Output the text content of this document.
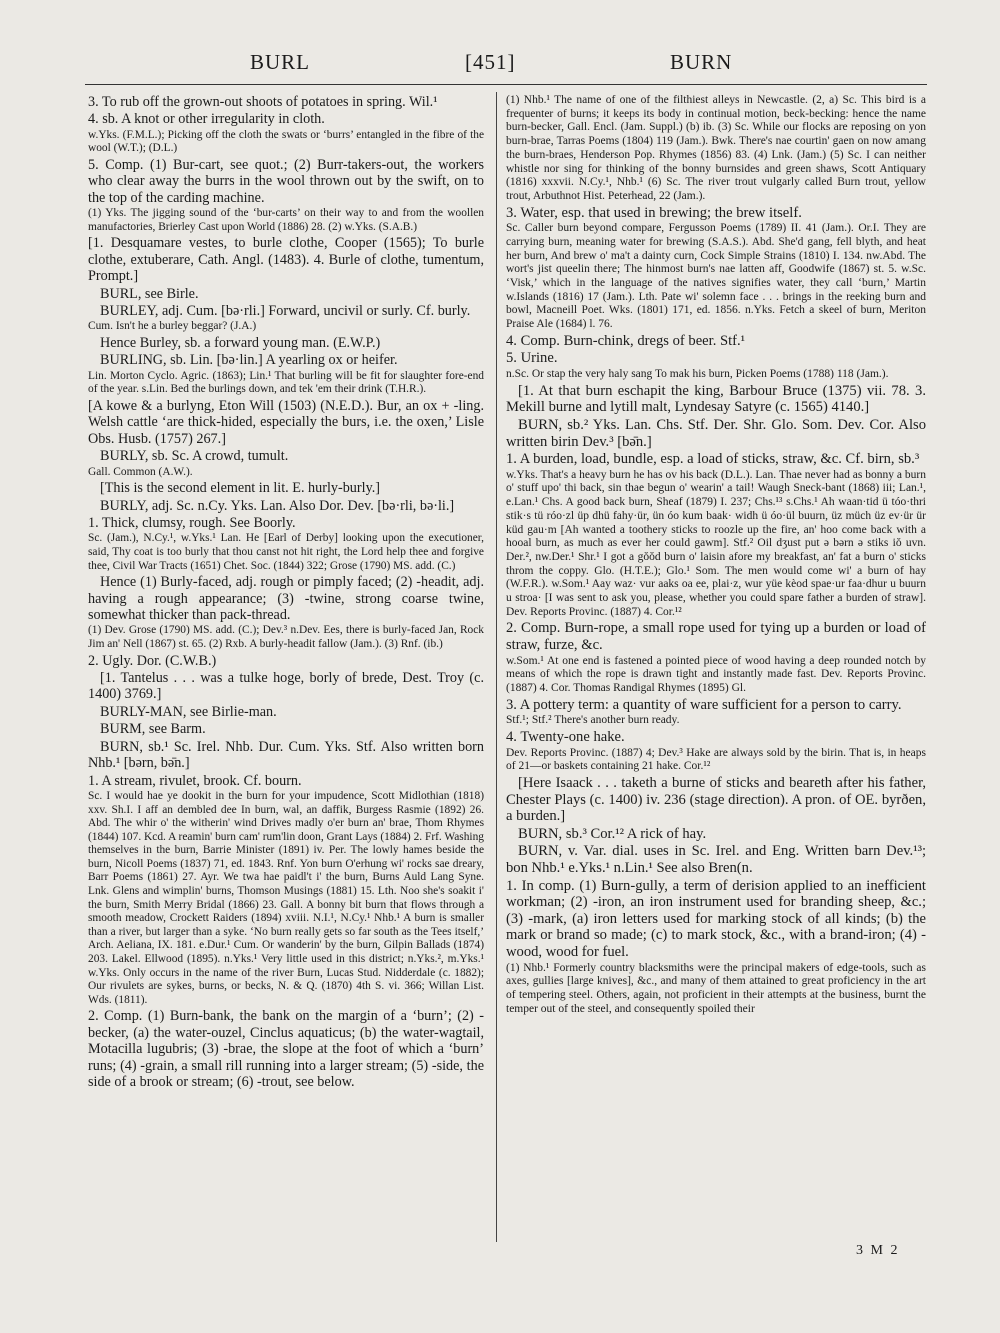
BURL	[451]	BURN

3. To rub off the grown-out shoots of potatoes in spring. Wil.¹

4. sb. A knot or other irregularity in cloth.

w.Yks. (F.M.L.); Picking off the cloth the swats or ‘burrs’ entangled in the fibre of the wool (W.T.); (D.L.)

5. Comp. (1) Bur-cart, see quot.; (2) Burr-takers-out, the workers who clear away the burrs in the wool thrown out by the swift, on to the top of the carding machine.

(1) Yks. The jigging sound of the ‘bur-carts’ on their way to and from the woollen manufactories, Brierley Cast upon World (1886) 28. (2) w.Yks. (S.A.B.)

[1. Desquamare vestes, to burle clothe, Cooper (1565); To burle clothe, extuberare, Cath. Angl. (1483). 4. Burle of clothe, tumentum, Prompt.]

BURL, see Birle.

BURLEY, adj. Cum. [bə·rli.] Forward, uncivil or surly. Cf. burly.

Cum. Isn't he a burley beggar? (J.A.)

Hence Burley, sb. a forward young man. (E.W.P.)

BURLING, sb. Lin. [bə·lin.] A yearling ox or heifer.

Lin. Morton Cyclo. Agric. (1863); Lin.¹ That burling will be fit for slaughter fore-end of the year. s.Lin. Bed the burlings down, and tek 'em their drink (T.H.R.).

[A kowe & a burlyng, Eton Will (1503) (N.E.D.). Bur, an ox + -ling. Welsh cattle ‘are thick-hided, especially the burs, i.e. the oxen,’ Lisle Obs. Husb. (1757) 267.]

BURLY, sb. Sc. A crowd, tumult.

Gall. Common (A.W.).

[This is the second element in lit. E. hurly-burly.]

BURLY, adj. Sc. n.Cy. Yks. Lan. Also Dor. Dev. [bə·rli, bə·li.]

1. Thick, clumsy, rough. See Boorly.

Sc. (Jam.), N.Cy.¹, w.Yks.¹ Lan. He [Earl of Derby] looking upon the executioner, said, Thy coat is too burly that thou canst not hit right, the Lord help thee and forgive thee, Civil War Tracts (1651) Chet. Soc. (1844) 322; Grose (1790) MS. add. (C.)

Hence (1) Burly-faced, adj. rough or pimply faced; (2) -headit, adj. having a rough appearance; (3) -twine, strong coarse twine, somewhat thicker than pack-thread.

(1) Dev. Grose (1790) MS. add. (C.); Dev.³ n.Dev. Ees, there is burly-faced Jan, Rock Jim an' Nell (1867) st. 65. (2) Rxb. A burly-headit fallow (Jam.). (3) Rnf. (ib.)

2. Ugly. Dor. (C.W.B.)

[1. Tantelus . . . was a tulke hoge, borly of brede, Dest. Troy (c. 1400) 3769.]

BURLY-MAN, see Birlie-man.

BURM, see Barm.

BURN, sb.¹ Sc. Irel. Nhb. Dur. Cum. Yks. Stf. Also written born Nhb.¹ [bərn, bə̄n.]

1. A stream, rivulet, brook. Cf. bourn.

Sc. I would hae ye dookit in the burn for your impudence, Scott Midlothian (1818) xxv. Sh.I. I aff an dembled dee In burn, wal, an daffik, Burgess Rasmie (1892) 26. Abd. The whir o' the witherin' wind Drives madly o'er burn an' brae, Thom Rhymes (1844) 107. Kcd. A reamin' burn cam' rum'lin doon, Grant Lays (1884) 2. Frf. Washing themselves in the burn, Barrie Minister (1891) iv. Per. The lowly hames beside the burn, Nicoll Poems (1837) 71, ed. 1843. Rnf. Yon burn O'erhung wi' rocks sae dreary, Barr Poems (1861) 27. Ayr. We twa hae paidl't i' the burn, Burns Auld Lang Syne. Lnk. Glens and wimplin' burns, Thomson Musings (1881) 15. Lth. Noo she's soakit i' the burn, Smith Merry Bridal (1866) 23. Gall. A bonny bit burn that flows through a smooth meadow, Crockett Raiders (1894) xviii. N.I.¹, N.Cy.¹ Nhb.¹ A burn is smaller than a river, but larger than a syke. ‘No burn really gets so far south as the Tees itself,’ Arch. Aeliana, IX. 181. e.Dur.¹ Cum. Or wanderin' by the burn, Gilpin Ballads (1874) 203. Lakel. Ellwood (1895). n.Yks.¹ Very little used in this district; n.Yks.², m.Yks.¹ w.Yks. Only occurs in the name of the river Burn, Lucas Stud. Nidderdale (c. 1882); Our rivulets are sykes, burns, or becks, N. & Q. (1870) 4th S. vi. 366; Willan List. Wds. (1811).

2. Comp. (1) Burn-bank, the bank on the margin of a ‘burn’; (2) -becker, (a) the water-ouzel, Cinclus aquaticus; (b) the water-wagtail, Motacilla lugubris; (3) -brae, the slope at the foot of which a ‘burn’ runs; (4) -grain, a small rill running into a larger stream; (5) -side, the side of a brook or stream; (6) -trout, see below.

(1) Nhb.¹ The name of one of the filthiest alleys in Newcastle. (2, a) Sc. This bird is a frequenter of burns; it keeps its body in continual motion, beck-becking: hence the name burn-becker, Gall. Encl. (Jam. Suppl.) (b) ib. (3) Sc. While our flocks are reposing on yon burn-brae, Tarras Poems (1804) 119 (Jam.). Bwk. There's nae courtin' gaen on now amang the burn-braes, Henderson Pop. Rhymes (1856) 83. (4) Lnk. (Jam.) (5) Sc. I can neither whistle nor sing for thinking of the bonny burnsides and green shaws, Scott Antiquary (1816) xxxvii. N.Cy.¹, Nhb.¹ (6) Sc. The river trout vulgarly called Burn trout, yellow trout, Arbuthnot Hist. Peterhead, 22 (Jam.).

3. Water, esp. that used in brewing; the brew itself.

Sc. Caller burn beyond compare, Fergusson Poems (1789) II. 41 (Jam.). Or.I. They are carrying burn, meaning water for brewing (S.A.S.). Abd. She'd gang, fell blyth, and heat her burn, And brew o' ma't a dainty curn, Cock Simple Strains (1810) I. 134. nw.Abd. The wort's jist queelin there; The hinmost burn's nae latten aff, Goodwife (1867) st. 5. w.Sc. ‘Visk,’ which in the language of the natives signifies water, they call ‘burn,’ Martin w.Islands (1816) 17 (Jam.). Lth. Pate wi' solemn face . . . brings in the reeking burn and bowl, Macneill Poet. Wks. (1801) 171, ed. 1856. n.Yks. Fetch a skeel of burn, Meriton Praise Ale (1684) l. 76.

4. Comp. Burn-chink, dregs of beer. Stf.¹

5. Urine.

n.Sc. Or stap the very haly sang To mak his burn, Picken Poems (1788) 118 (Jam.).

[1. At that burn eschapit the king, Barbour Bruce (1375) vii. 78. 3. Mekill burne and lytill malt, Lyndesay Satyre (c. 1565) 4140.]

BURN, sb.² Yks. Lan. Chs. Stf. Der. Shr. Glo. Som. Dev. Cor. Also written birin Dev.³ [bə̄n.]

1. A burden, load, bundle, esp. a load of sticks, straw, &c. Cf. birn, sb.³

w.Yks. That's a heavy burn he has ov his back (D.L.). Lan. Thae never had as bonny a burn o' stuff upo' thi back, sin thae begun o' wearin' a tail! Waugh Sneck-bant (1868) iii; Lan.¹, e.Lan.¹ Chs. A good back burn, Sheaf (1879) I. 237; Chs.¹³ s.Chs.¹ Ah waan·tid ü tóo·thri stik·s tü róo·zl üp dhü fahy·ür, ün óo kum baak· widh ü óo·ül buurn, üz müch üz ev·ür ür küd gau·m [Ah wanted a toothery sticks to roozle up the fire, an' hoo come back with a hooal burn, as much as ever her could gawm]. Stf.² Oil dʒust put ə bərn ə stiks iŏ uvn. Der.², nw.Der.¹ Shr.¹ I got a gŏŏd burn o' laisin afore my breakfast, an' fat a burn o' sticks throm the coppy. Glo. (H.T.E.); Glo.¹ Som. The men would come wi' a burn of hay (W.F.R.). w.Som.¹ Aay waz· vur aaks oa ee, plai·z, wur yüe kèod spae·ur faa·dhur u buurn u stroa· [I was sent to ask you, please, whether you could spare father a burden of straw]. Dev. Reports Provinc. (1887) 4. Cor.¹²

2. Comp. Burn-rope, a small rope used for tying up a burden or load of straw, furze, &c.

w.Som.¹ At one end is fastened a pointed piece of wood having a deep rounded notch by means of which the rope is drawn tight and instantly made fast. Dev. Reports Provinc. (1887) 4. Cor. Thomas Randigal Rhymes (1895) Gl.

3. A pottery term: a quantity of ware sufficient for a person to carry.

Stf.¹; Stf.² There's another burn ready.

4. Twenty-one hake.

Dev. Reports Provinc. (1887) 4; Dev.³ Hake are always sold by the birin. That is, in heaps of 21—or baskets containing 21 hake. Cor.¹²

[Here Isaack . . . taketh a burne of sticks and beareth after his father, Chester Plays (c. 1400) iv. 236 (stage direction). A pron. of OE. byrðen, a burden.]

BURN, sb.³ Cor.¹² A rick of hay.

BURN, v. Var. dial. uses in Sc. Irel. and Eng. Written barn Dev.¹³; bon Nhb.¹ e.Yks.¹ n.Lin.¹ See also Bren(n.

1. In comp. (1) Burn-gully, a term of derision applied to an inefficient workman; (2) -iron, an iron instrument used for branding sheep, &c.; (3) -mark, (a) iron letters used for marking stock of all kinds; (b) the mark or brand so made; (c) to mark stock, &c., with a brand-iron; (4) -wood, wood for fuel.

(1) Nhb.¹ Formerly country blacksmiths were the principal makers of edge-tools, such as axes, gullies [large knives], &c., and many of them attained to great proficiency in the art of tempering steel. Others, again, not proficient in their attempts at the business, burnt the temper out of the steel, and consequently spoiled their

3 M 2
